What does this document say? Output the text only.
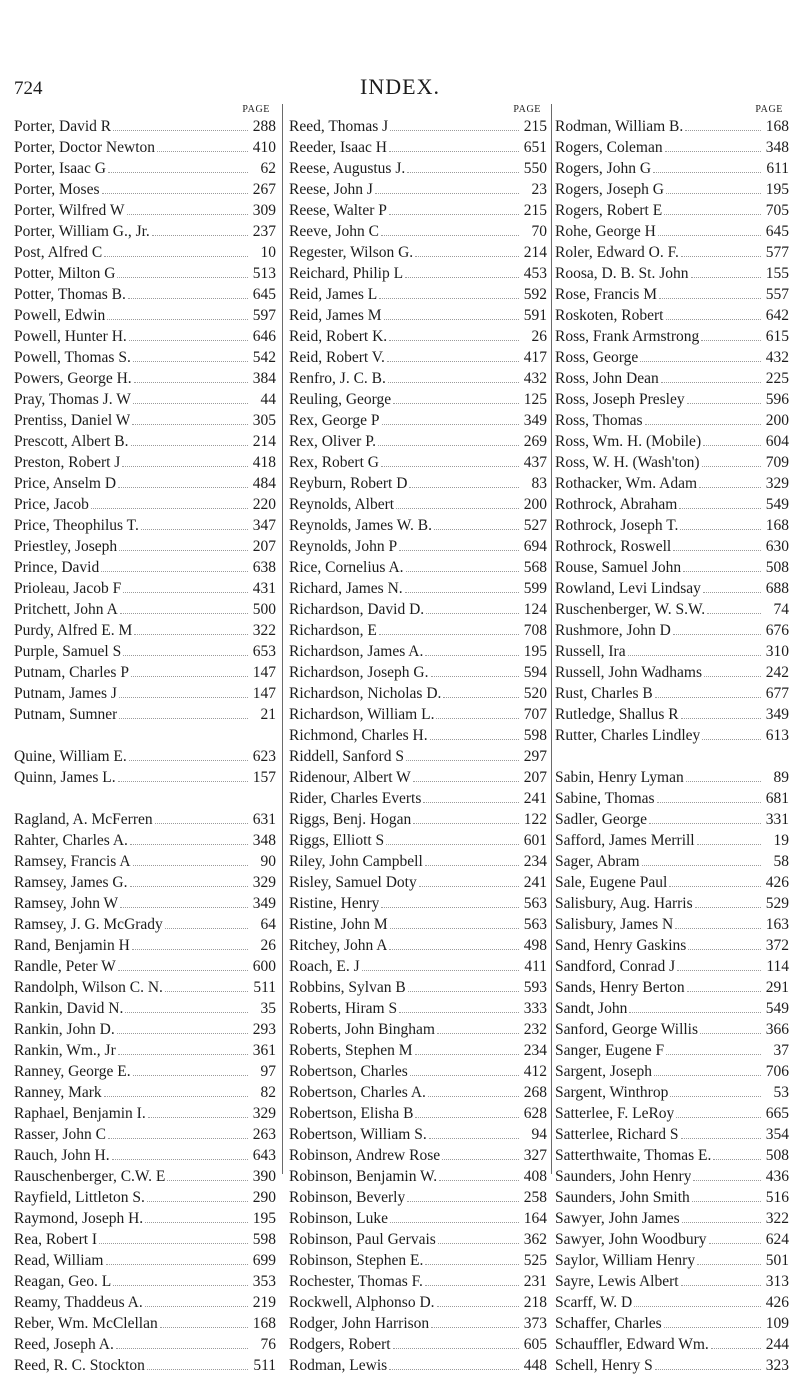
724	INDEX.
PAGE
Porter, David R	288
Porter, Doctor Newton	410
Porter, Isaac G	62
Porter, Moses	267
Porter, Wilfred W	309
Porter, William G., Jr.	237
Post, Alfred C	10
Potter, Milton G	513
Potter, Thomas B.	645
Powell, Edwin	597
Powell, Hunter H.	646
Powell, Thomas S.	542
Powers, George H.	384
Pray, Thomas J. W	44
Prentiss, Daniel W	305
Prescott, Albert B.	214
Preston, Robert J	418
Price, Anselm D	484
Price, Jacob	220
Price, Theophilus T.	347
Priestley, Joseph	207
Prince, David	638
Prioleau, Jacob F	431
Pritchett, John A	500
Purdy, Alfred E. M	322
Purple, Samuel S	653
Putnam, Charles P	147
Putnam, James J	147
Putnam, Sumner	21
Quine, William E.	623
Quinn, James L.	157
Ragland, A. McFerren	631
Rahter, Charles A.	348
Ramsey, Francis A	90
Ramsey, James G.	329
Ramsey, John W	349
Ramsey, J. G. McGrady	64
Rand, Benjamin H	26
Randle, Peter W	600
Randolph, Wilson C. N.	511
Rankin, David N.	35
Rankin, John D.	293
Rankin, Wm., Jr	361
Ranney, George E.	97
Ranney, Mark	82
Raphael, Benjamin I.	329
Rasser, John C	263
Rauch, John H.	643
Rauschenberger, C.W. E	390
Rayfield, Littleton S.	290
Raymond, Joseph H.	195
Rea, Robert I	598
Read, William	699
Reagan, Geo. L	353
Reamy, Thaddeus A.	219
Reber, Wm. McClellan	168
Reed, Joseph A.	76
Reed, R. C. Stockton	511
PAGE
Reed, Thomas J	215
Reeder, Isaac H	651
Reese, Augustus J.	550
Reese, John J	23
Reese, Walter P	215
Reeve, John C	70
Regester, Wilson G.	214
Reichard, Philip L	453
Reid, James L	592
Reid, James M	591
Reid, Robert K.	26
Reid, Robert V.	417
Renfro, J. C. B.	432
Reuling, George	125
Rex, George P	349
Rex, Oliver P.	269
Rex, Robert G	437
Reyburn, Robert D	83
Reynolds, Albert	200
Reynolds, James W. B.	527
Reynolds, John P	694
Rice, Cornelius A.	568
Richard, James N.	599
Richardson, David D.	124
Richardson, E	708
Richardson, James A.	195
Richardson, Joseph G.	594
Richardson, Nicholas D.	520
Richardson, William L.	707
Richmond, Charles H.	598
Riddell, Sanford S	297
Ridenour, Albert W	207
Rider, Charles Everts	241
Riggs, Benj. Hogan	122
Riggs, Elliott S	601
Riley, John Campbell	234
Risley, Samuel Doty	241
Ristine, Henry	563
Ristine, John M	563
Ritchey, John A	498
Roach, E. J	411
Robbins, Sylvan B	593
Roberts, Hiram S	333
Roberts, John Bingham	232
Roberts, Stephen M	234
Robertson, Charles	412
Robertson, Charles A.	268
Robertson, Elisha B	628
Robertson, William S.	94
Robinson, Andrew Rose	327
Robinson, Benjamin W.	408
Robinson, Beverly	258
Robinson, Luke	164
Robinson, Paul Gervais	362
Robinson, Stephen E.	525
Rochester, Thomas F.	231
Rockwell, Alphonso D.	218
Rodger, John Harrison	373
Rodgers, Robert	605
Rodman, Lewis	448
PAGE
Rodman, William B.	168
Rogers, Coleman	348
Rogers, John G	611
Rogers, Joseph G	195
Rogers, Robert E	705
Rohe, George H	645
Roler, Edward O. F.	577
Roosa, D. B. St. John	155
Rose, Francis M	557
Roskoten, Robert	642
Ross, Frank Armstrong	615
Ross, George	432
Ross, John Dean	225
Ross, Joseph Presley	596
Ross, Thomas	200
Ross, Wm. H. (Mobile)	604
Ross, W. H. (Wash'ton)	709
Rothacker, Wm. Adam	329
Rothrock, Abraham	549
Rothrock, Joseph T.	168
Rothrock, Roswell	630
Rouse, Samuel John	508
Rowland, Levi Lindsay	688
Ruschenberger, W. S.W.	74
Rushmore, John D	676
Russell, Ira	310
Russell, John Wadhams	242
Rust, Charles B	677
Rutledge, Shallus R	349
Rutter, Charles Lindley	613
Sabin, Henry Lyman	89
Sabine, Thomas	681
Sadler, George	331
Safford, James Merrill	19
Sager, Abram	58
Sale, Eugene Paul	426
Salisbury, Aug. Harris	529
Salisbury, James N	163
Sand, Henry Gaskins	372
Sandford, Conrad J	114
Sands, Henry Berton	291
Sandt, John	549
Sanford, George Willis	366
Sanger, Eugene F	37
Sargent, Joseph	706
Sargent, Winthrop	53
Satterlee, F. LeRoy	665
Satterlee, Richard S	354
Satterthwaite, Thomas E.	508
Saunders, John Henry	436
Saunders, John Smith	516
Sawyer, John James	322
Sawyer, John Woodbury	624
Saylor, William Henry	501
Sayre, Lewis Albert	313
Scarff, W. D	426
Schaffer, Charles	109
Schauffler, Edward Wm.	244
Schell, Henry S	323
